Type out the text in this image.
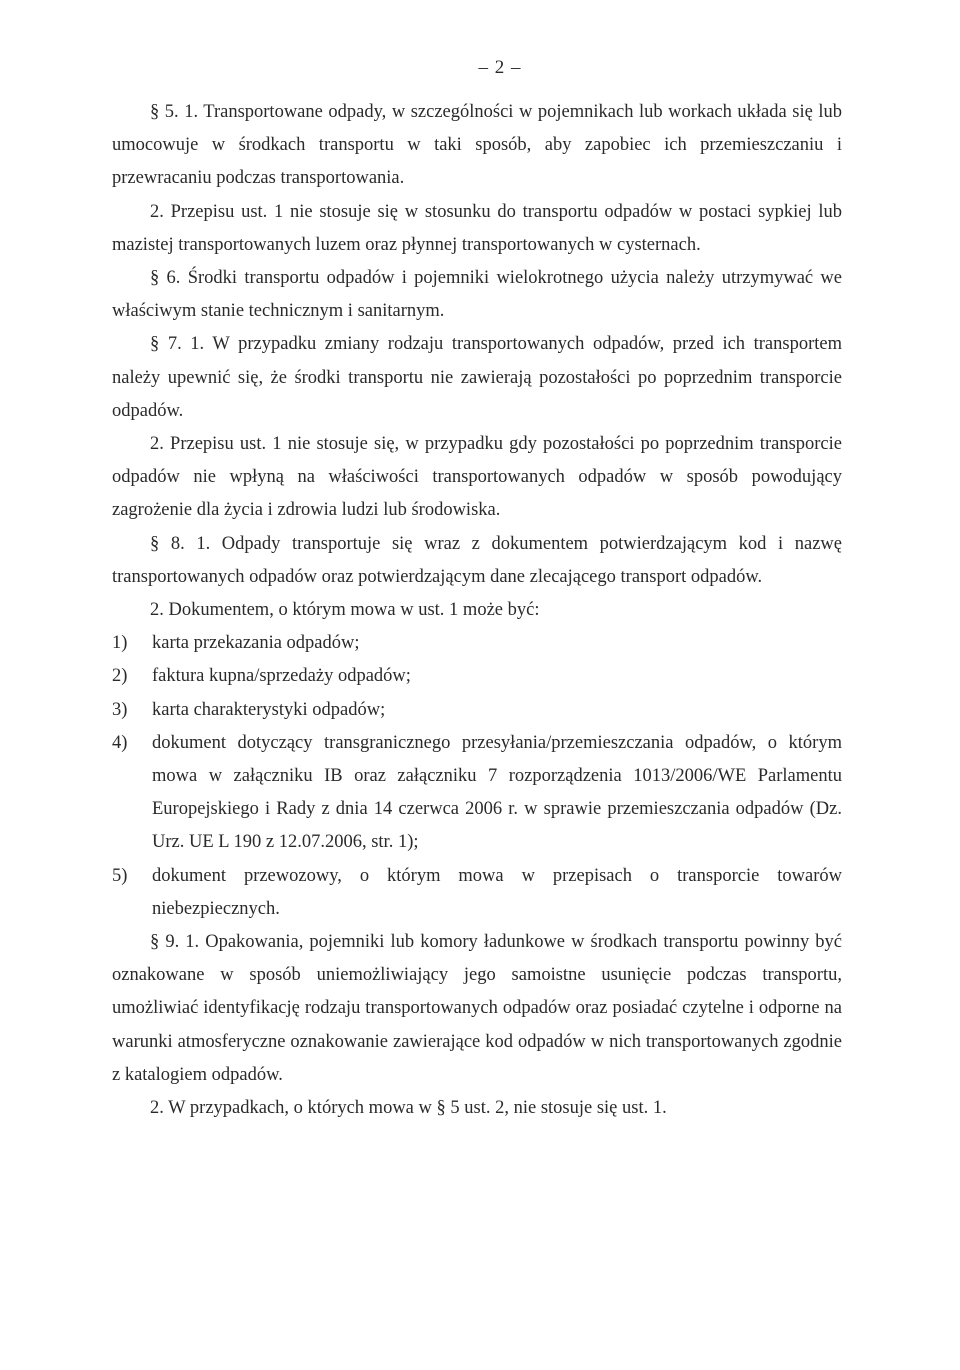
– 2 –

§ 5. 1. Transportowane odpady, w szczególności w pojemnikach lub workach układa się lub umocowuje w środkach transportu w taki sposób, aby zapobiec ich przemieszczaniu i przewracaniu podczas transportowania.

2. Przepisu ust. 1 nie stosuje się w stosunku do transportu odpadów w postaci sypkiej lub mazistej transportowanych luzem oraz płynnej transportowanych w cysternach.

§ 6. Środki transportu odpadów i pojemniki wielokrotnego użycia należy utrzymywać we właściwym stanie technicznym i sanitarnym.

§ 7. 1. W przypadku zmiany rodzaju transportowanych odpadów, przed ich transportem należy upewnić się, że środki transportu nie zawierają pozostałości po poprzednim transporcie odpadów.

2. Przepisu ust. 1 nie stosuje się, w przypadku gdy pozostałości po poprzednim transporcie odpadów nie wpłyną na właściwości transportowanych odpadów w sposób powodujący zagrożenie dla życia i zdrowia ludzi lub środowiska.

§ 8. 1. Odpady transportuje się wraz z dokumentem potwierdzającym kod i nazwę transportowanych odpadów oraz potwierdzającym dane zlecającego transport odpadów.

2. Dokumentem, o którym mowa w ust. 1 może być:

1)	karta przekazania odpadów;
2)	faktura kupna/sprzedaży odpadów;
3)	karta charakterystyki odpadów;
4)	dokument dotyczący transgranicznego przesyłania/przemieszczania odpadów, o którym mowa w załączniku IB oraz załączniku 7 rozporządzenia 1013/2006/WE Parlamentu Europejskiego i Rady z dnia 14 czerwca 2006 r. w sprawie przemieszczania odpadów (Dz. Urz. UE L 190 z 12.07.2006, str. 1);
5)	dokument przewozowy, o którym mowa w przepisach o transporcie towarów niebezpiecznych.

§ 9. 1. Opakowania, pojemniki lub komory ładunkowe w środkach transportu powinny być oznakowane w sposób uniemożliwiający jego samoistne usunięcie podczas transportu, umożliwiać identyfikację rodzaju transportowanych odpadów oraz posiadać czytelne i odporne na warunki atmosferyczne oznakowanie zawierające kod odpadów w nich transportowanych zgodnie z katalogiem odpadów.

2. W przypadkach, o których mowa w § 5 ust. 2, nie stosuje się ust. 1.
